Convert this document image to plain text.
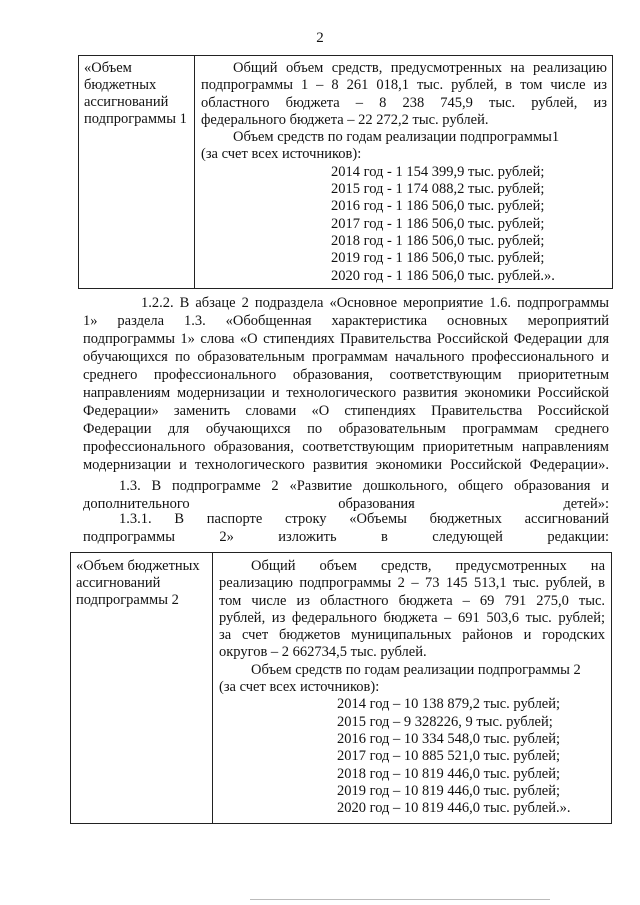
2
«Объем
бюджетных
ассигнований
подпрограммы 1
Общий объем средств, предусмотренных на реализацию
подпрограммы 1 – 8 261 018,1 тыс. рублей, в том числе из
областного бюджета – 8 238 745,9 тыс. рублей, из
федерального бюджета – 22 272,2 тыс. рублей.
Объем средств по годам реализации подпрограммы1
(за счет всех источников):
2014 год - 1 154 399,9 тыс. рублей;
2015 год - 1 174 088,2 тыс. рублей;
2016 год - 1 186 506,0 тыс. рублей;
2017 год - 1 186 506,0 тыс. рублей;
2018 год - 1 186 506,0 тыс. рублей;
2019 год - 1 186 506,0 тыс. рублей;
2020 год - 1 186 506,0 тыс. рублей.».
1.2.2. В абзаце 2 подраздела «Основное мероприятие 1.6. подпрограммы
1» раздела 1.3. «Обобщенная характеристика основных мероприятий
подпрограммы 1» слова «О стипендиях Правительства Российской Федерации для
обучающихся по образовательным программам начального профессионального и
среднего профессионального образования, соответствующим приоритетным
направлениям модернизации и технологического развития экономики Российской
Федерации» заменить словами «О стипендиях Правительства Российской
Федерации для обучающихся по образовательным программам среднего
профессионального образования, соответствующим приоритетным направлениям
модернизации и технологического развития экономики Российской Федерации».
1.3. В подпрограмме 2 «Развитие дошкольного, общего образования и
дополнительного образования детей»:
1.3.1. В паспорте строку «Объемы бюджетных ассигнований
подпрограммы 2» изложить в следующей редакции:
«Объем бюджетных
ассигнований
подпрограммы 2
Общий объем средств, предусмотренных на
реализацию подпрограммы 2 – 73 145 513,1 тыс. рублей, в
том числе из областного бюджета – 69 791 275,0 тыс.
рублей, из федерального бюджета – 691 503,6 тыс. рублей;
за счет бюджетов муниципальных районов и городских
округов – 2 662734,5 тыс. рублей.
Объем средств по годам реализации подпрограммы 2
(за счет всех источников):
2014 год – 10 138 879,2 тыс. рублей;
2015 год – 9 328226, 9 тыс. рублей;
2016 год – 10 334 548,0 тыс. рублей;
2017 год – 10 885 521,0 тыс. рублей;
2018 год – 10 819 446,0 тыс. рублей;
2019 год – 10 819 446,0 тыс. рублей;
2020 год – 10 819 446,0 тыс. рублей.».
